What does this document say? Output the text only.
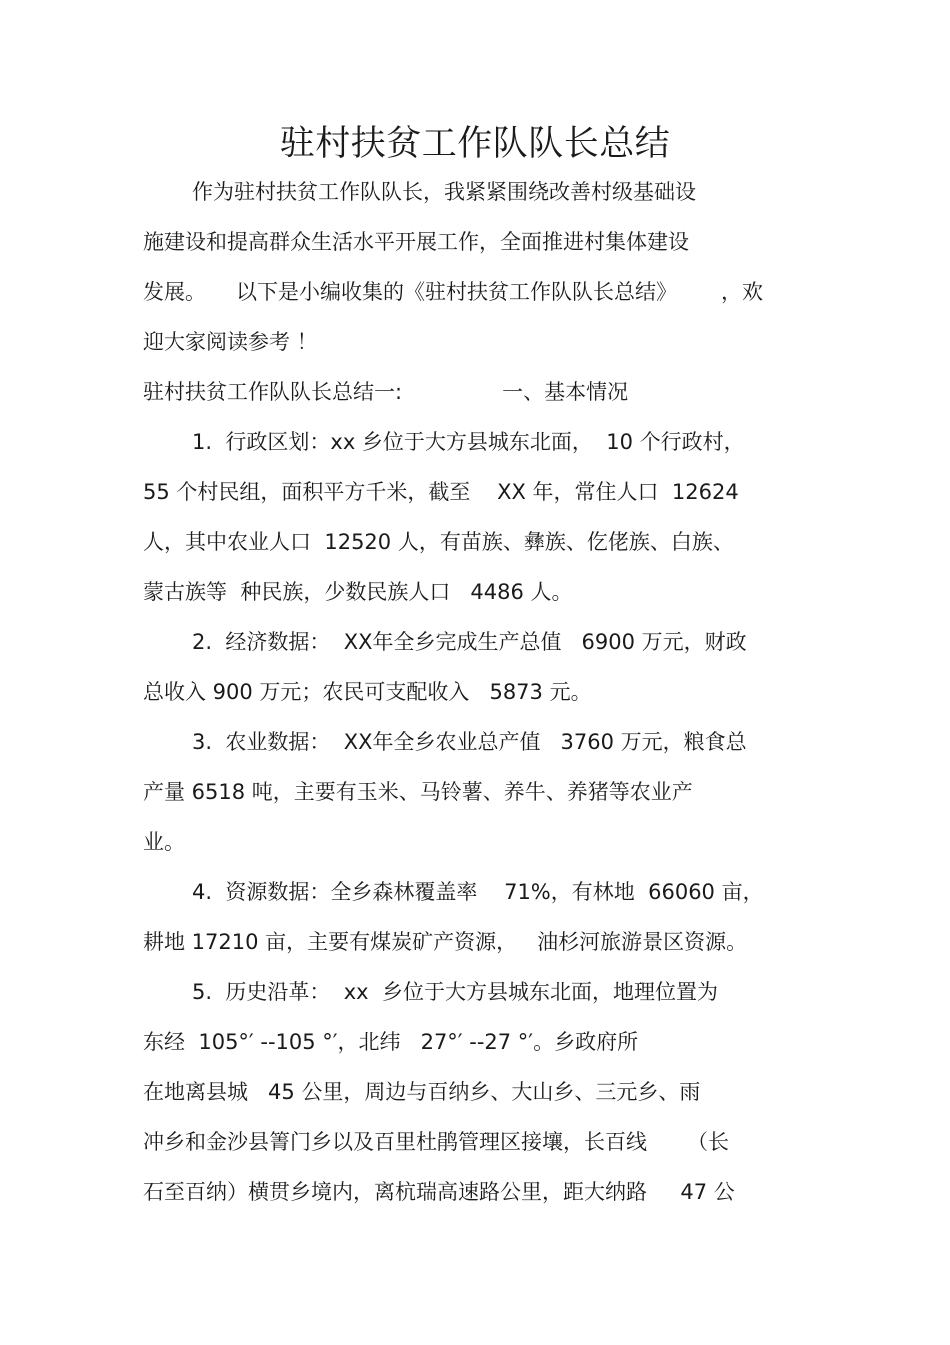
驻村扶贫工作队队长总结

作为驻村扶贫工作队队长，我紧紧围绕改善村级基础设

施建设和提高群众生活水平开展工作，全面推进村集体建设

发展。 以下是小编收集的《驻村扶贫工作队队长总结》 ，欢

迎大家阅读参考 ！

驻村扶贫工作队队长总结一:	一、基本情况

1.  行政区划：xx 乡位于大方县城东北面，  10 个行政村，

55 个村民组，面积平方千米，截至    XX 年，常住人口  12624

人，其中农业人口  12520 人，有苗族、彝族、仡佬族、白族、

蒙古族等  种民族，少数民族人口   4486 人。

2.  经济数据：  XX年全乡完成生产总值   6900 万元，财政

总收入 900 万元；农民可支配收入   5873 元。

3.  农业数据：  XX年全乡农业总产值   3760 万元，粮食总

产量 6518 吨，主要有玉米、马铃薯、养牛、养猪等农业产

业。

4.  资源数据：全乡森林覆盖率    71%，有林地  66060 亩，

耕地 17210 亩，主要有煤炭矿产资源，   油杉河旅游景区资源。

5.  历史沿革：  xx  乡位于大方县城东北面，地理位置为

东经  105°′ --105 °′，北纬   27°′ --27 °′。乡政府所

在地离县城   45 公里，周边与百纳乡、大山乡、三元乡、雨

冲乡和金沙县箐门乡以及百里杜鹃管理区接壤，长百线      （长

石至百纳）横贯乡境内，离杭瑞高速路公里，距大纳路     47 公
